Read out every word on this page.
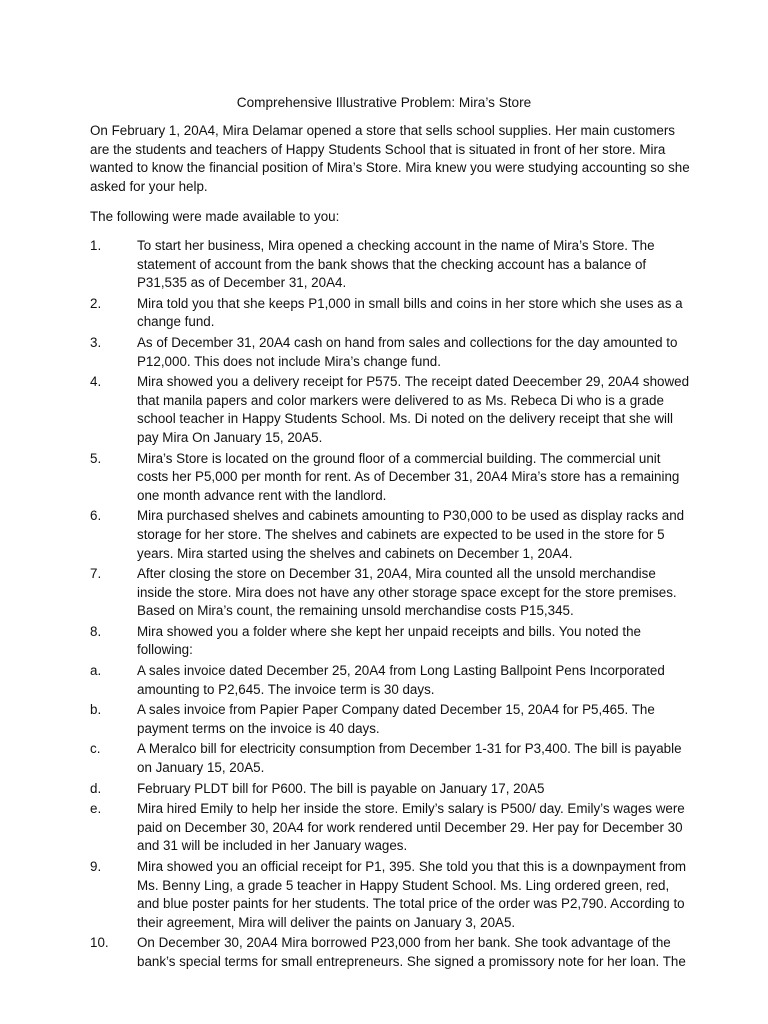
Comprehensive Illustrative Problem: Mira’s Store

On February 1, 20A4, Mira Delamar opened a store that sells school supplies. Her main customers are the students and teachers of Happy Students School that is situated in front of her store. Mira wanted to know the financial position of Mira’s Store. Mira knew you were studying accounting so she asked for your help.

The following were made available to you:

1.	To start her business, Mira opened a checking account in the name of Mira’s Store. The statement of account from the bank shows that the checking account has a balance of P31,535 as of December 31, 20A4.
2.	Mira told you that she keeps P1,000 in small bills and coins in her store which she uses as a change fund.
3.	As of December 31, 20A4 cash on hand from sales and collections for the day amounted to P12,000. This does not include Mira’s change fund.
4.	Mira showed you a delivery receipt for P575. The receipt dated Deecember 29, 20A4 showed that manila papers and color markers were delivered to as Ms. Rebeca Di who is a grade school teacher in Happy Students School. Ms. Di noted on the delivery receipt that she will pay Mira On January 15, 20A5.
5.	Mira’s Store is located on the ground floor of a commercial building. The commercial unit costs her P5,000 per month for rent. As of December 31, 20A4 Mira’s store has a remaining one month advance rent with the landlord.
6.	Mira purchased shelves and cabinets amounting to P30,000 to be used as display racks and storage for her store. The shelves and cabinets are expected to be used in the store for 5 years. Mira started using the shelves and cabinets on December 1, 20A4.
7.	After closing the store on December 31, 20A4, Mira counted all the unsold merchandise inside the store. Mira does not have any other storage space except for the store premises. Based on Mira’s count, the remaining unsold merchandise costs P15,345.
8.	Mira showed you a folder where she kept her unpaid receipts and bills. You noted the following:
a.	A sales invoice dated December 25, 20A4 from Long Lasting Ballpoint Pens Incorporated amounting to P2,645. The invoice term is 30 days.
b.	A sales invoice from Papier Paper Company dated December 15, 20A4 for P5,465. The payment terms on the invoice is 40 days.
c.	A Meralco bill for electricity consumption from December 1-31 for P3,400. The bill is payable on January 15, 20A5.
d.	February PLDT bill for P600. The bill is payable on January 17, 20A5
e.	Mira hired Emily to help her inside the store. Emily’s salary is P500/ day. Emily’s wages were paid on December 30, 20A4 for work rendered until December 29. Her pay for December 30 and 31 will be included in her January wages.
9.	Mira showed you an official receipt for P1, 395. She told you that this is a downpayment from Ms. Benny Ling, a grade 5 teacher in Happy Student School. Ms. Ling ordered green, red, and blue poster paints for her students. The total price of the order was P2,790. According to their agreement, Mira will deliver the paints on January 3, 20A5.
10.	On December 30, 20A4 Mira borrowed P23,000 from her bank. She took advantage of the bank’s special terms for small entrepreneurs. She signed a promissory note for her loan. The
